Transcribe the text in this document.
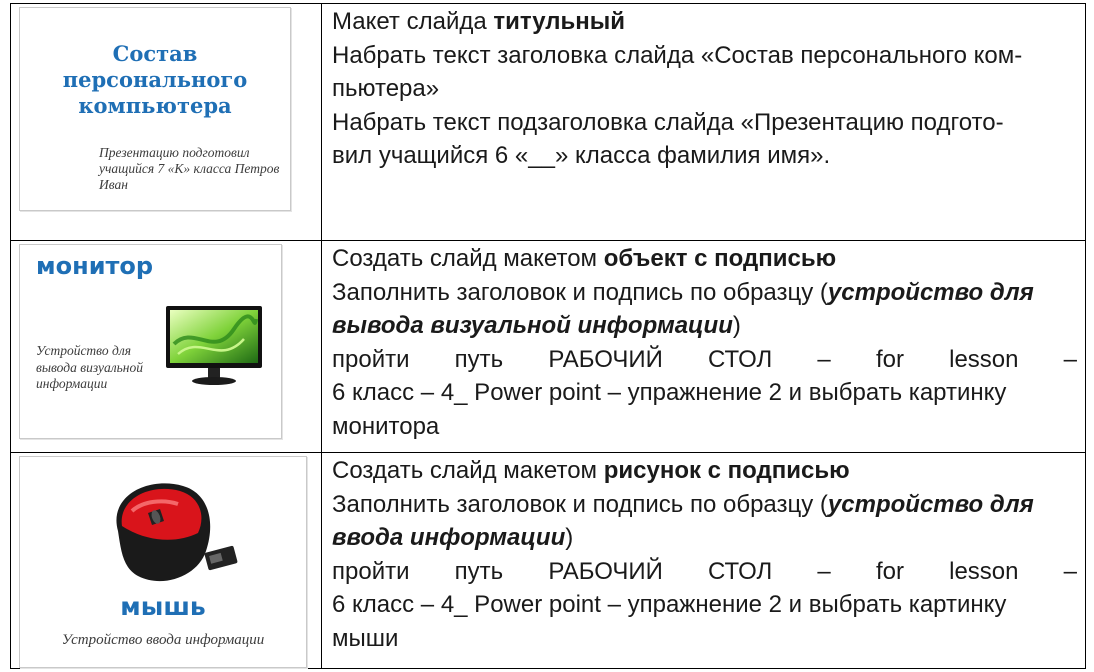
Состав персонального компьютера
Презентацию подготовил учащийся 7 «К» класса Петров Иван

Макет слайда титульный

Набрать текст заголовка слайда «Состав персонального ком-

пьютера»

Набрать текст подзаголовка слайда «Презентацию подгото-

вил учащийся 6 «__» класса фамилия имя».

монитор
Устройство для вывода визуальной информации

Создать слайд макетом объект с подписью

Заполнить заголовок и подпись по образцу (устройство для

вывода визуальной информации)

пройти путь РАБОЧИЙ СТОЛ – for lesson –

6 класс – 4_ Power point – упражнение 2 и выбрать картинку

монитора

мышь
Устройство ввода информации

Создать слайд макетом рисунок с подписью

Заполнить заголовок и подпись по образцу (устройство для

ввода информации)

пройти путь РАБОЧИЙ СТОЛ – for lesson –

6 класс – 4_ Power point – упражнение 2 и выбрать картинку

мыши
